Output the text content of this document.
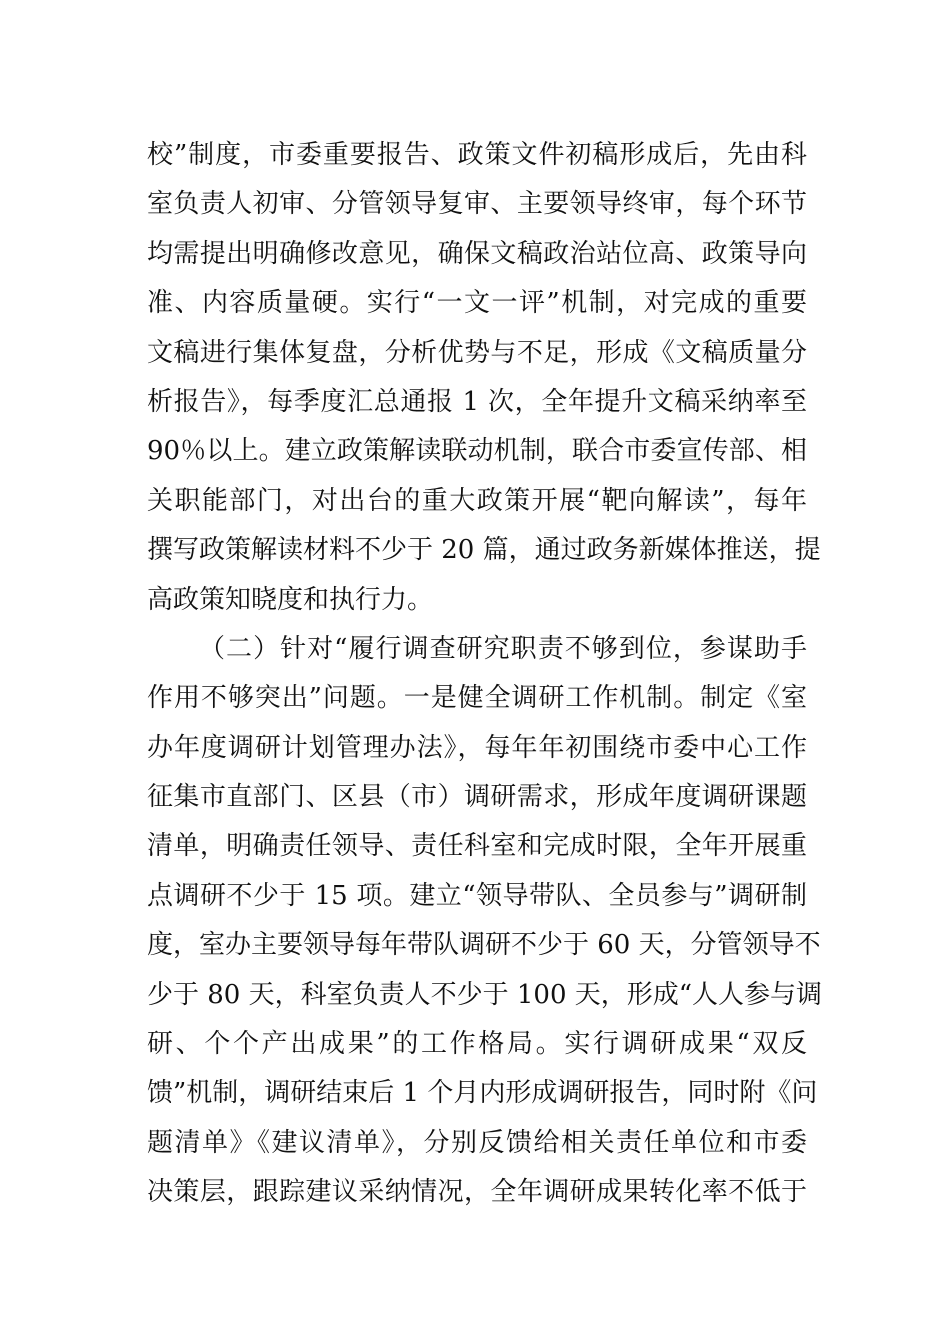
校”制度，市委重要报告、政策文件初稿形成后，先由科
室负责人初审、分管领导复审、主要领导终审，每个环节
均需提出明确修改意见，确保文稿政治站位高、政策导向
准、内容质量硬。实行“一文一评”机制，对完成的重要
文稿进行集体复盘，分析优势与不足，形成《文稿质量分
析报告》，每季度汇总通报 1 次，全年提升文稿采纳率至
90％以上。建立政策解读联动机制，联合市委宣传部、相
关职能部门，对出台的重大政策开展“靶向解读”，每年
撰写政策解读材料不少于 20 篇，通过政务新媒体推送，提
高政策知晓度和执行力。
（二）针对“履行调查研究职责不够到位，参谋助手
作用不够突出”问题。一是健全调研工作机制。制定《室
办年度调研计划管理办法》，每年年初围绕市委中心工作
征集市直部门、区县（市）调研需求，形成年度调研课题
清单，明确责任领导、责任科室和完成时限，全年开展重
点调研不少于 15 项。建立“领导带队、全员参与”调研制
度，室办主要领导每年带队调研不少于 60 天，分管领导不
少于 80 天，科室负责人不少于 100 天，形成“人人参与调
研、个个产出成果”的工作格局。实行调研成果“双反
馈”机制，调研结束后 1 个月内形成调研报告，同时附《问
题清单》《建议清单》，分别反馈给相关责任单位和市委
决策层，跟踪建议采纳情况，全年调研成果转化率不低于
